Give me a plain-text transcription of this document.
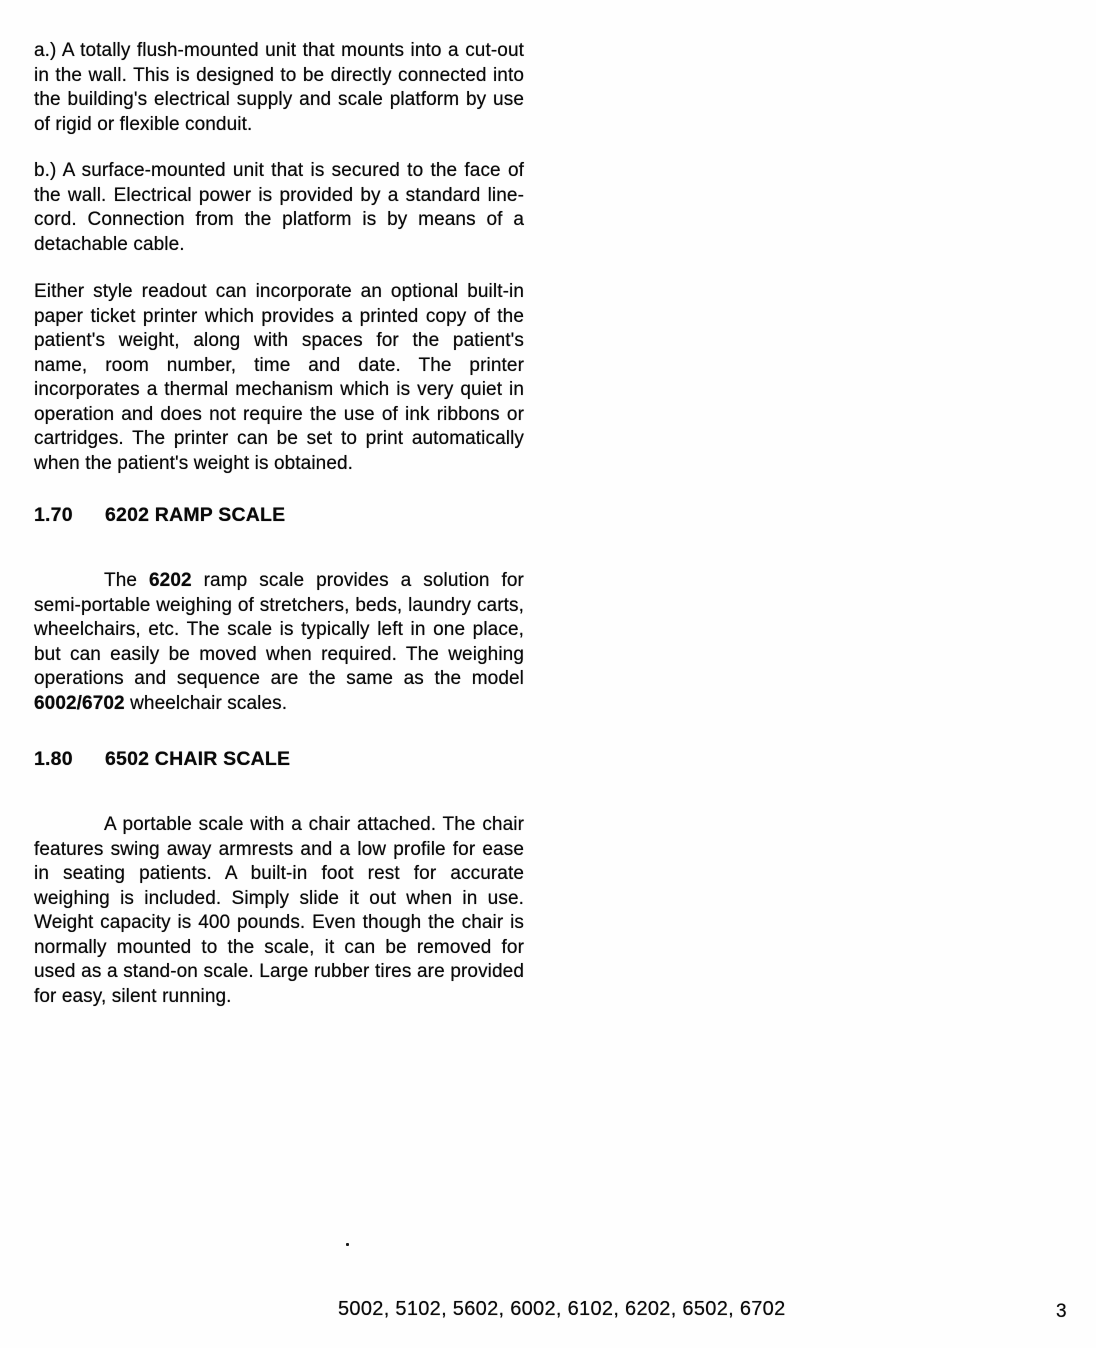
a.) A totally flush-mounted unit that mounts into a cut-out in the wall. This is designed to be directly connected into the building's electrical supply and scale platform by use of rigid or flexible conduit.

b.) A surface-mounted unit that is secured to the face of the wall. Electrical power is provided by a standard line-cord. Connection from the platform is by means of a detachable cable.

Either style readout can incorporate an optional built-in paper ticket printer which provides a printed copy of the patient's weight, along with spaces for the patient's name, room number, time and date. The printer incorporates a thermal mechanism which is very quiet in operation and does not require the use of ink ribbons or cartridges. The printer can be set to print automatically when the patient's weight is obtained.

1.70 6202 RAMP SCALE

The 6202 ramp scale provides a solution for semi-portable weighing of stretchers, beds, laundry carts, wheelchairs, etc. The scale is typically left in one place, but can easily be moved when required. The weighing operations and sequence are the same as the model 6002/6702 wheelchair scales.

1.80 6502 CHAIR SCALE

A portable scale with a chair attached. The chair features swing away armrests and a low profile for ease in seating patients. A built-in foot rest for accurate weighing is included. Simply slide it out when in use. Weight capacity is 400 pounds. Even though the chair is normally mounted to the scale, it can be removed for used as a stand-on scale. Large rubber tires are provided for easy, silent running.

5002, 5102, 5602, 6002, 6102, 6202, 6502, 6702	3
